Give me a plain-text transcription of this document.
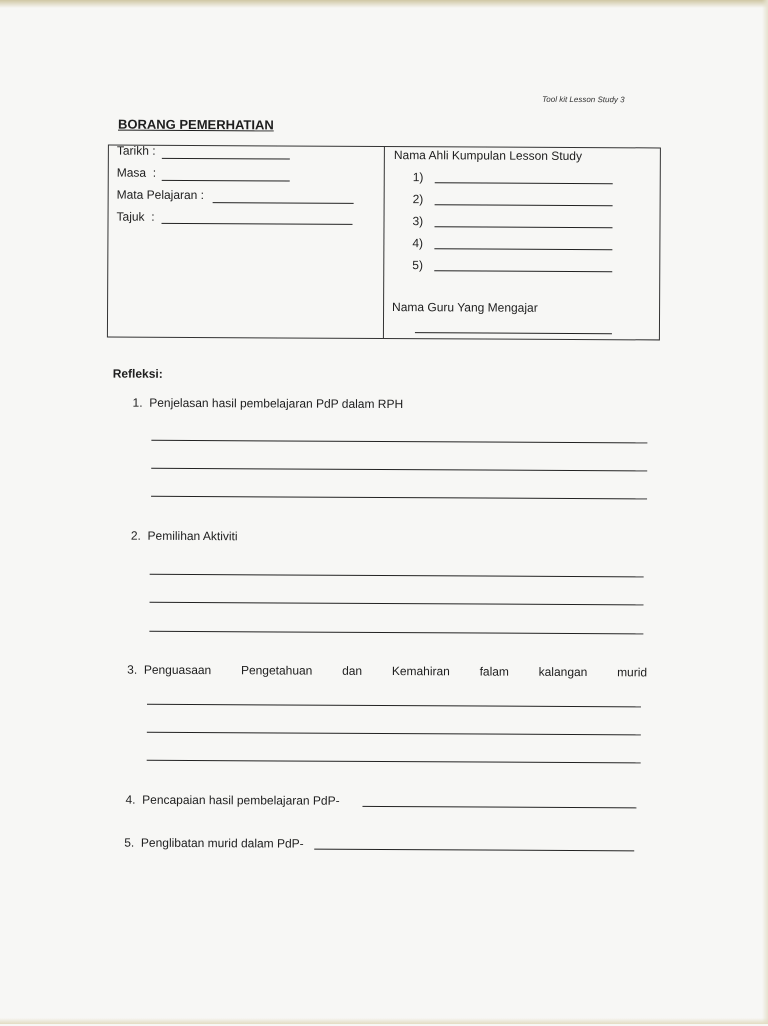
Tool kit Lesson Study 3
BORANG PEMERHATIAN
Tarikh :
Masa  :
Mata Pelajaran :
Tajuk  :
Nama Ahli Kumpulan Lesson Study
1)
2)
3)
4)
5)
Nama Guru Yang Mengajar
Refleksi:
1.  Penjelasan hasil pembelajaran PdP dalam RPH
2.  Pemilihan Aktiviti
3.  Penguasaan Pengetahuan dan Kemahiran falam kalangan murid
4.  Pencapaian hasil pembelajaran PdP-
5.  Penglibatan murid dalam PdP-
